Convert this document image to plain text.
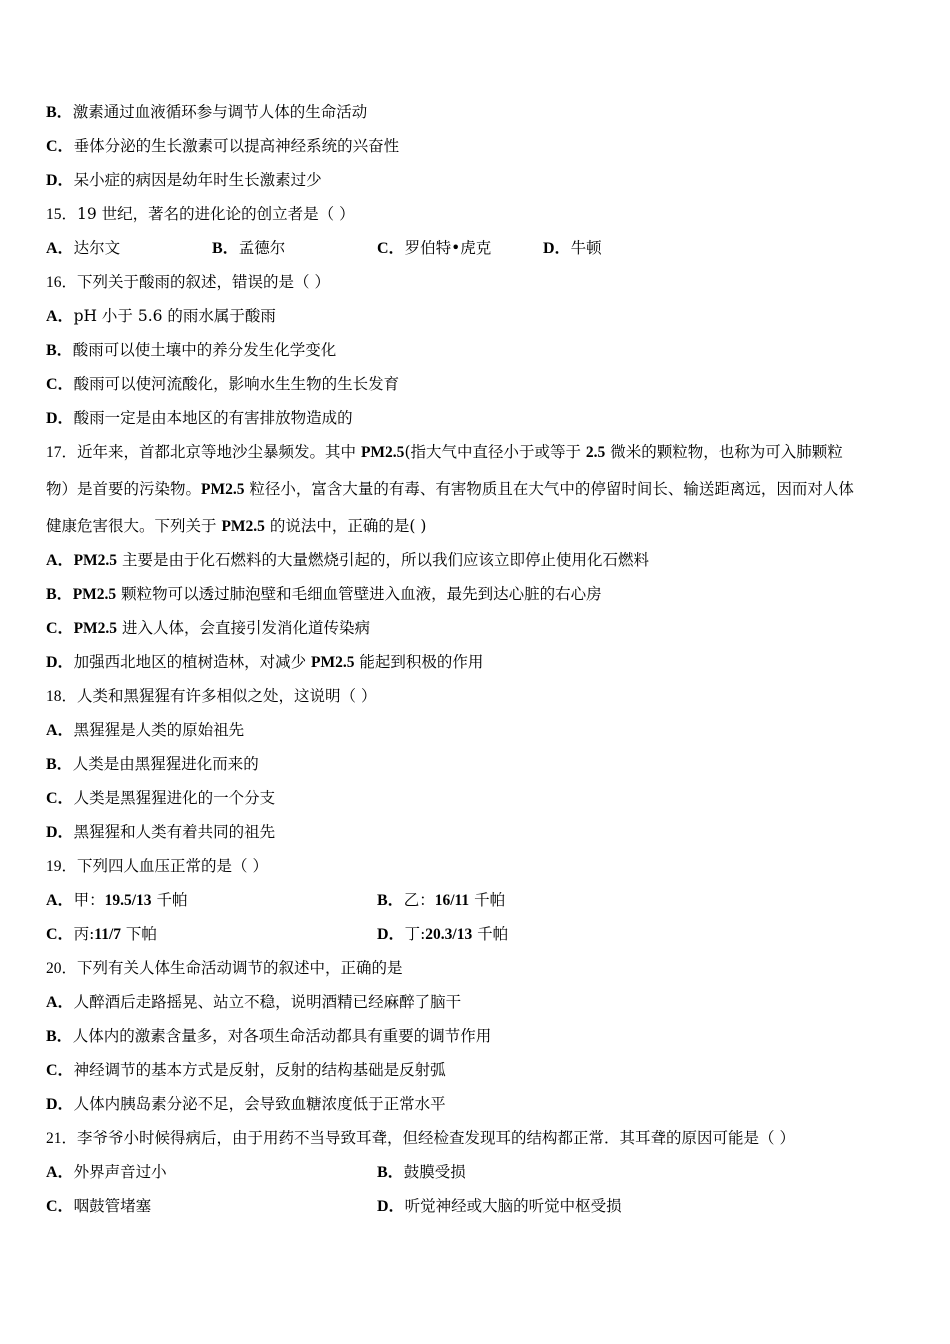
B．激素通过血液循环参与调节人体的生命活动
C．垂体分泌的生长激素可以提高神经系统的兴奋性
D．呆小症的病因是幼年时生长激素过少
15．19 世纪，著名的进化论的创立者是（ ）
A．达尔文	B．孟德尔	C．罗伯特•虎克	D．牛顿
16．下列关于酸雨的叙述，错误的是（ ）
A．pH 小于 5.6 的雨水属于酸雨
B．酸雨可以使土壤中的养分发生化学变化
C．酸雨可以使河流酸化，影响水生生物的生长发育
D．酸雨一定是由本地区的有害排放物造成的
17．近年来，首都北京等地沙尘暴频发。其中 PM2.5(指大气中直径小于或等于 2.5 微米的颗粒物，也称为可入肺颗粒
物）是首要的污染物。PM2.5 粒径小，富含大量的有毒、有害物质且在大气中的停留时间长、输送距离远，因而对人体
健康危害很大。下列关于 PM2.5 的说法中，正确的是( )
A．PM2.5 主要是由于化石燃料的大量燃烧引起的，所以我们应该立即停止使用化石燃料
B．PM2.5 颗粒物可以透过肺泡壁和毛细血管壁进入血液，最先到达心脏的右心房
C．PM2.5 进入人体，会直接引发消化道传染病
D．加强西北地区的植树造林，对减少 PM2.5 能起到积极的作用
18．人类和黑猩猩有许多相似之处，这说明（ ）
A．黑猩猩是人类的原始祖先
B．人类是由黑猩猩进化而来的
C．人类是黑猩猩进化的一个分支
D．黑猩猩和人类有着共同的祖先
19．下列四人血压正常的是（ ）
A．甲：19.5/13 千帕	B．乙：16/11 千帕
C．丙:11/7 下帕	D．丁:20.3/13 千帕
20．下列有关人体生命活动调节的叙述中，正确的是
A．人醉酒后走路摇晃、站立不稳，说明酒精已经麻醉了脑干
B．人体内的激素含量多，对各项生命活动都具有重要的调节作用
C．神经调节的基本方式是反射，反射的结构基础是反射弧
D．人体内胰岛素分泌不足，会导致血糖浓度低于正常水平
21．李爷爷小时候得病后，由于用药不当导致耳聋，但经检查发现耳的结构都正常．其耳聋的原因可能是（ ）
A．外界声音过小	B．鼓膜受损
C．咽鼓管堵塞	D．听觉神经或大脑的听觉中枢受损
